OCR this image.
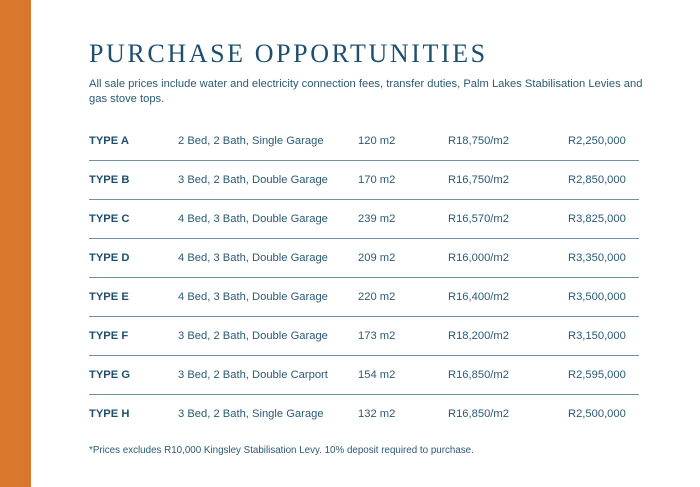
PURCHASE OPPORTUNITIES
All sale prices include water and electricity connection fees, transfer duties, Palm Lakes Stabilisation Levies and gas stove tops.
TYPE A	2 Bed, 2 Bath, Single Garage	120 m2	R18,750/m2	R2,250,000
TYPE B	3 Bed, 2 Bath, Double Garage	170 m2	R16,750/m2	R2,850,000
TYPE C	4 Bed, 3 Bath, Double Garage	239 m2	R16,570/m2	R3,825,000
TYPE D	4 Bed, 3 Bath, Double Garage	209 m2	R16,000/m2	R3,350,000
TYPE E	4 Bed, 3 Bath, Double Garage	220 m2	R16,400/m2	R3,500,000
TYPE F	3 Bed, 2 Bath, Double Garage	173 m2	R18,200/m2	R3,150,000
TYPE G	3 Bed, 2 Bath, Double Carport	154 m2	R16,850/m2	R2,595,000
TYPE H	3 Bed, 2 Bath, Single Garage	132 m2	R16,850/m2	R2,500,000
*Prices excludes R10,000 Kingsley Stabilisation Levy. 10% deposit required to purchase.
